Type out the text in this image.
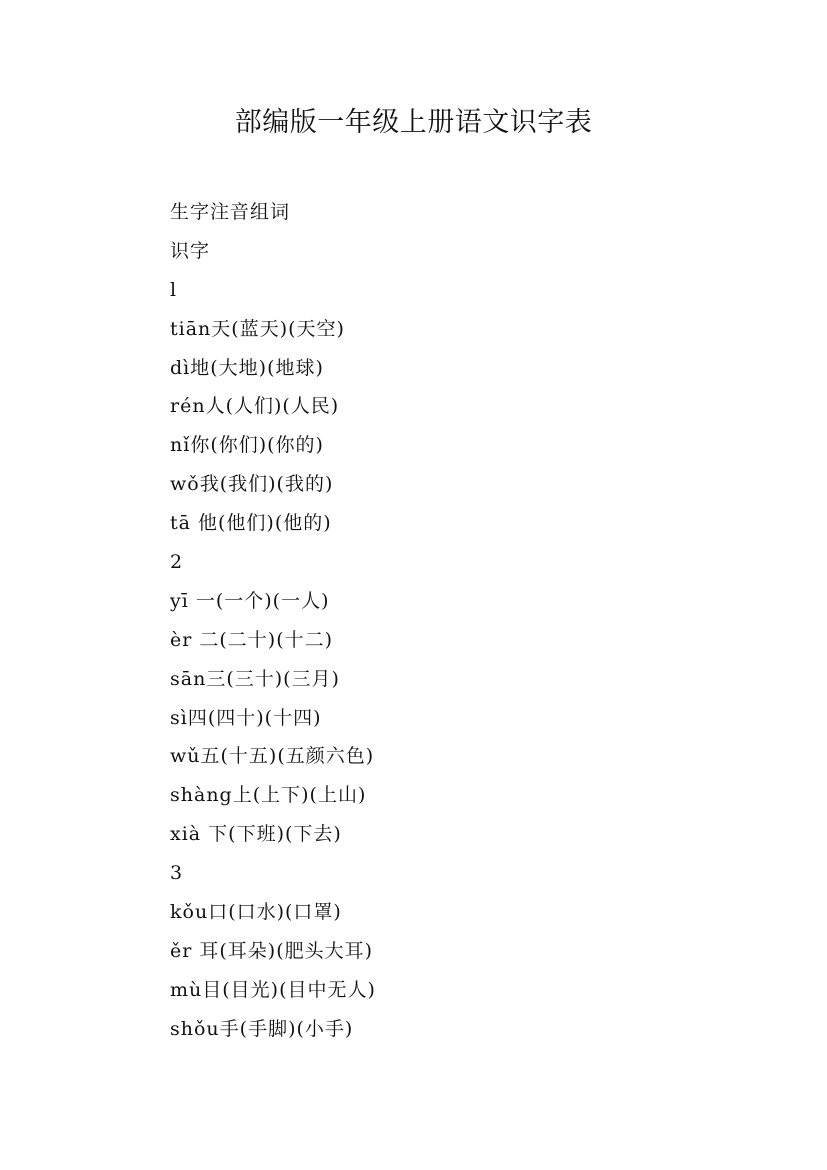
部编版一年级上册语文识字表
生字注音组词
识字
l
tiān天(蓝天)(天空)
dì地(大地)(地球)
rén人(人们)(人民)
nǐ你(你们)(你的)
wǒ我(我们)(我的)
tā 他(他们)(他的)
2
yī 一(一个)(一人)
èr 二(二十)(十二)
sān三(三十)(三月)
sì四(四十)(十四)
wǔ五(十五)(五颜六色)
shàng上(上下)(上山)
xià 下(下班)(下去)
3
kǒu口(口水)(口罩)
ěr 耳(耳朵)(肥头大耳)
mù目(目光)(目中无人)
shǒu手(手脚)(小手)
